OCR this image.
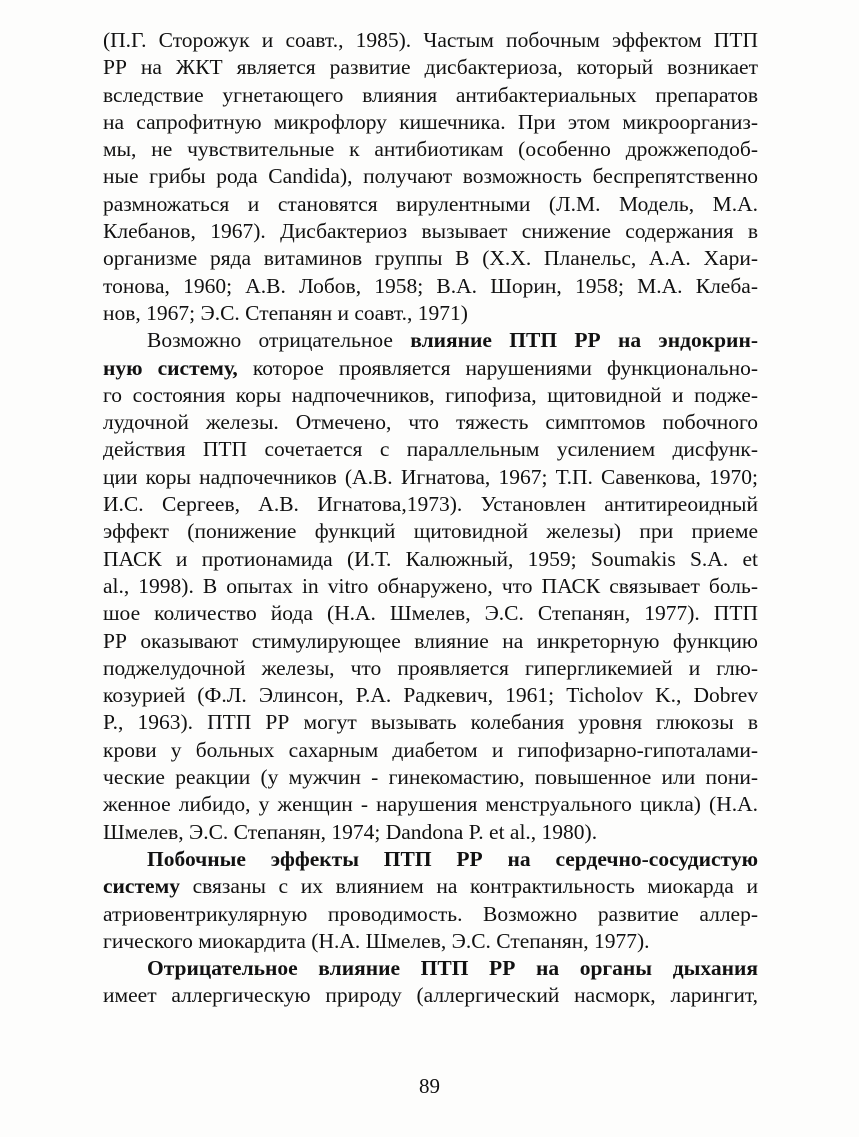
(П.Г. Сторожук и соавт., 1985). Частым побочным эффектом ПТП
РР на ЖКТ является развитие дисбактериоза, который возникает
вследствие угнетающего влияния антибактериальных препаратов
на сапрофитную микрофлору кишечника. При этом микроорганиз-
мы, не чувствительные к антибиотикам (особенно дрожжеподоб-
ные грибы рода Candida), получают возможность беспрепятственно
размножаться и становятся вирулентными (Л.М. Модель, М.А.
Клебанов, 1967). Дисбактериоз вызывает снижение содержания в
организме ряда витаминов группы В (Х.Х. Планельс, А.А. Хари-
тонова, 1960; А.В. Лобов, 1958; В.А. Шорин, 1958; М.А. Клеба-
нов, 1967; Э.С. Степанян и соавт., 1971)
Возможно отрицательное влияние ПТП РР на эндокрин-
ную систему, которое проявляется нарушениями функционально-
го состояния коры надпочечников, гипофиза, щитовидной и подже-
лудочной железы. Отмечено, что тяжесть симптомов побочного
действия ПТП сочетается с параллельным усилением дисфунк-
ции коры надпочечников (А.В. Игнатова, 1967; Т.П. Савенкова, 1970;
И.С. Сергеев, А.В. Игнатова,1973). Установлен антитиреоидный
эффект (понижение функций щитовидной железы) при приеме
ПАСК и протионамида (И.Т. Калюжный, 1959; Soumakis S.A. et
al., 1998). В опытах in vitro обнаружено, что ПАСК связывает боль-
шое количество йода (Н.А. Шмелев, Э.С. Степанян, 1977). ПТП
РР оказывают стимулирующее влияние на инкреторную функцию
поджелудочной железы, что проявляется гипергликемией и глю-
козурией (Ф.Л. Элинсон, Р.А. Радкевич, 1961; Ticholov K., Dobrev
P., 1963). ПТП РР могут вызывать колебания уровня глюкозы в
крови у больных сахарным диабетом и гипофизарно-гипоталами-
ческие реакции (у мужчин - гинекомастию, повышенное или пони-
женное либидо, у женщин - нарушения менструального цикла) (Н.А.
Шмелев, Э.С. Степанян, 1974; Dandona P. et al., 1980).
Побочные эффекты ПТП РР на сердечно-сосудистую
систему связаны с их влиянием на контрактильность миокарда и
атриовентрикулярную проводимость. Возможно развитие аллер-
гического миокардита (Н.А. Шмелев, Э.С. Степанян, 1977).
Отрицательное влияние ПТП РР на органы дыхания
имеет аллергическую природу (аллергический насморк, ларингит,
89
